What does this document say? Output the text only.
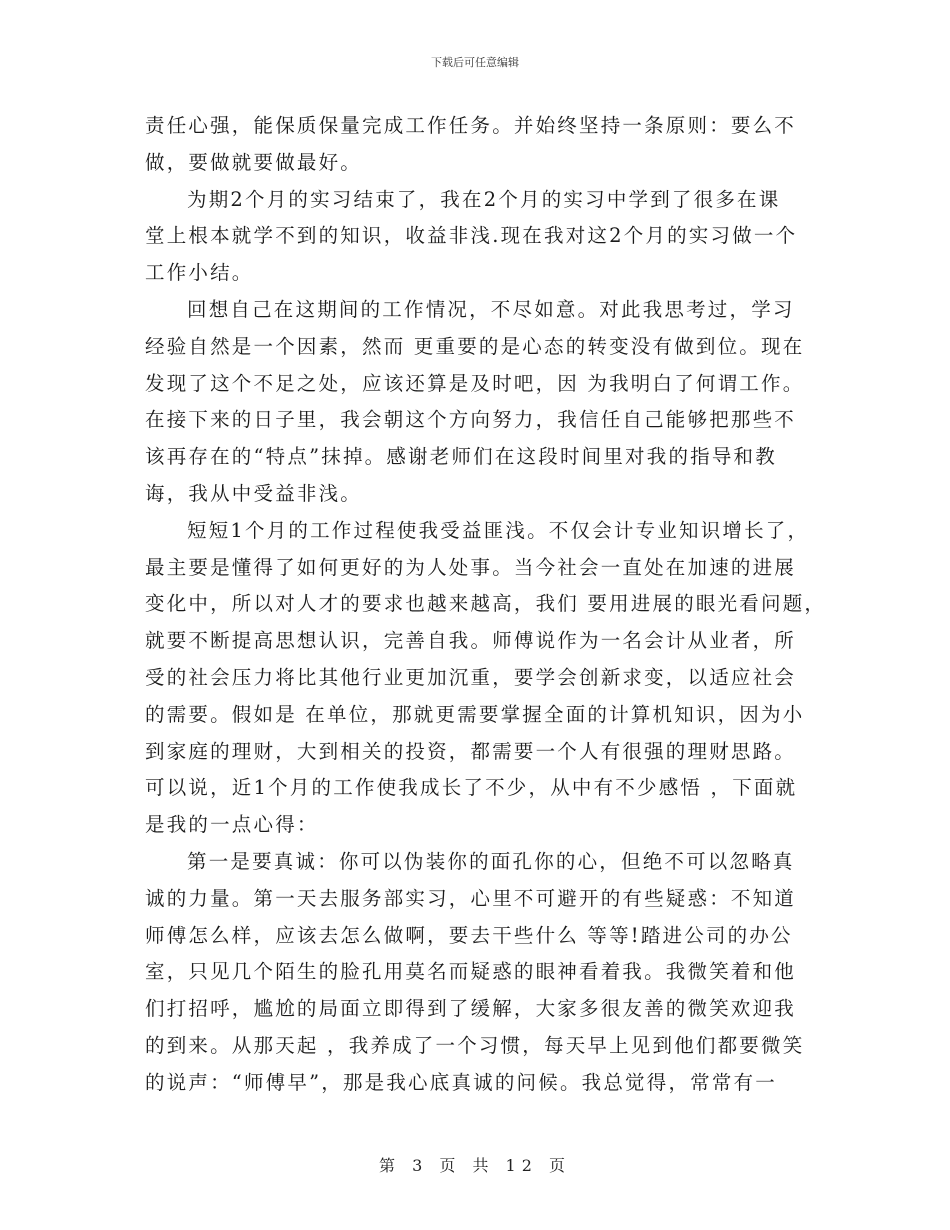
下载后可任意编辑
责任心强，能保质保量完成工作任务。并始终坚持一条原则：要么不
做，要做就要做最好。
为期2个月的实习结束了，我在2个月的实习中学到了很多在课
堂上根本就学不到的知识，收益非浅.现在我对这2个月的实习做一个
工作小结。
回想自己在这期间的工作情况，不尽如意。对此我思考过，学习
经验自然是一个因素，然而 更重要的是心态的转变没有做到位。现在
发现了这个不足之处，应该还算是及时吧，因 为我明白了何谓工作。
在接下来的日子里，我会朝这个方向努力，我信任自己能够把那些不
该再存在的“特点”抹掉。感谢老师们在这段时间里对我的指导和教
诲，我从中受益非浅。
短短1个月的工作过程使我受益匪浅。不仅会计专业知识增长了，
最主要是懂得了如何更好的为人处事。当今社会一直处在加速的进展
变化中，所以对人才的要求也越来越高，我们 要用进展的眼光看问题，
就要不断提高思想认识，完善自我。师傅说作为一名会计从业者，所
受的社会压力将比其他行业更加沉重，要学会创新求变，以适应社会
的需要。假如是 在单位，那就更需要掌握全面的计算机知识，因为小
到家庭的理财，大到相关的投资，都需要一个人有很强的理财思路。
可以说，近1个月的工作使我成长了不少，从中有不少感悟 ，下面就
是我的一点心得：
第一是要真诚：你可以伪装你的面孔你的心，但绝不可以忽略真
诚的力量。第一天去服务部实习，心里不可避开的有些疑惑：不知道
师傅怎么样，应该去怎么做啊，要去干些什么 等等!踏进公司的办公
室，只见几个陌生的脸孔用莫名而疑惑的眼神看着我。我微笑着和他
们打招呼，尴尬的局面立即得到了缓解，大家多很友善的微笑欢迎我
的到来。从那天起 ，我养成了一个习惯，每天早上见到他们都要微笑
的说声：“师傅早”，那是我心底真诚的问候。我总觉得，常常有一
第 3 页 共 12 页
